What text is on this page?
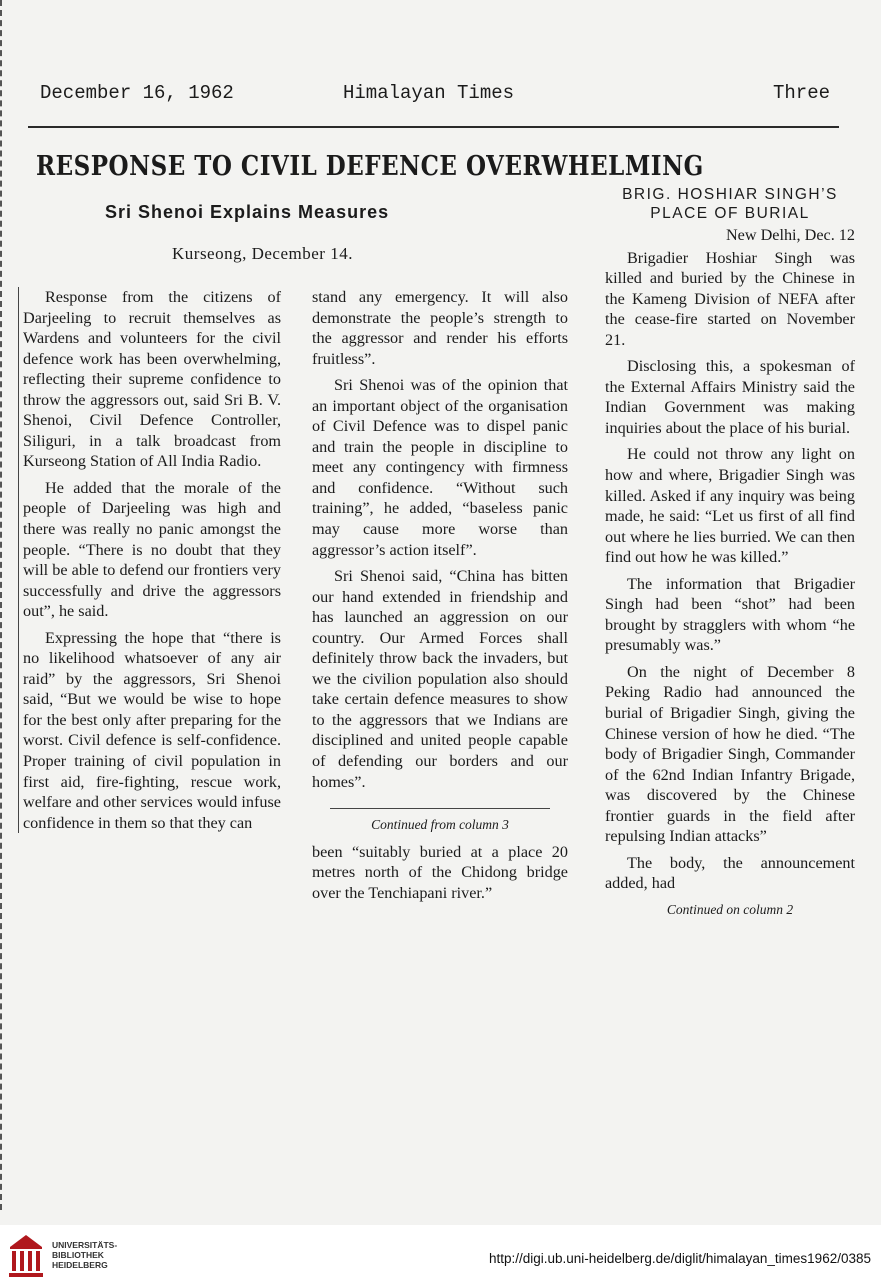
December 16, 1962	Himalayan Times	Three
RESPONSE TO CIVIL DEFENCE OVERWHELMING
Sri Shenoi Explains Measures
Kurseong, December 14.

Response from the citizens of Darjeeling to recruit themselves as Wardens and volunteers for the civil defence work has been overwhelming, reflecting their supreme confidence to throw the aggressors out, said Sri B. V. Shenoi, Civil Defence Controller, Siliguri, in a talk broadcast from Kurseong Station of All India Radio.

He added that the morale of the people of Darjeeling was high and there was really no panic amongst the people. “There is no doubt that they will be able to defend our frontiers very successfully and drive the aggressors out”, he said.

Expressing the hope that “there is no likelihood whatsoever of any air raid” by the aggressors, Sri Shenoi said, “But we would be wise to hope for the best only after preparing for the worst. Civil defence is self-confidence. Proper training of civil population in first aid, fire-fighting, rescue work, welfare and other services would infuse confidence in them so that they can

stand any emergency. It will also demonstrate the people’s strength to the aggressor and render his efforts fruitless”.

Sri Shenoi was of the opinion that an important object of the organisation of Civil Defence was to dispel panic and train the people in discipline to meet any contingency with firmness and confidence. “Without such training”, he added, “baseless panic may cause more worse than aggressor’s action itself”.

Sri Shenoi said, “China has bitten our hand extended in friendship and has launched an aggression on our country. Our Armed Forces shall definitely throw back the invaders, but we the civilion population also should take certain defence measures to show to the aggressors that we Indians are disciplined and united people capable of defending our borders and our homes”.

Continued from column 3

been “suitably buried at a place 20 metres north of the Chidong bridge over the Tenchiapani river.”

BRIG. HOSHIAR SINGH’S
PLACE OF BURIAL
New Delhi, Dec. 12

Brigadier Hoshiar Singh was killed and buried by the Chinese in the Kameng Division of NEFA after the cease-fire started on November 21.

Disclosing this, a spokesman of the External Affairs Ministry said the Indian Government was making inquiries about the place of his burial.

He could not throw any light on how and where, Brigadier Singh was killed. Asked if any inquiry was being made, he said: “Let us first of all find out where he lies burried. We can then find out how he was killed.”

The information that Brigadier Singh had been “shot” had been brought by stragglers with whom “he presumably was.”

On the night of December 8 Peking Radio had announced the burial of Brigadier Singh, giving the Chinese version of how he died. “The body of Brigadier Singh, Commander of the 62nd Indian Infantry Brigade, was discovered by the Chinese frontier guards in the field after repulsing Indian attacks”

The body, the announcement added, had

Continued on column 2
UNIVERSITÄTS-
BIBLIOTHEK
HEIDELBERG	http://digi.ub.uni-heidelberg.de/diglit/himalayan_times1962/0385
